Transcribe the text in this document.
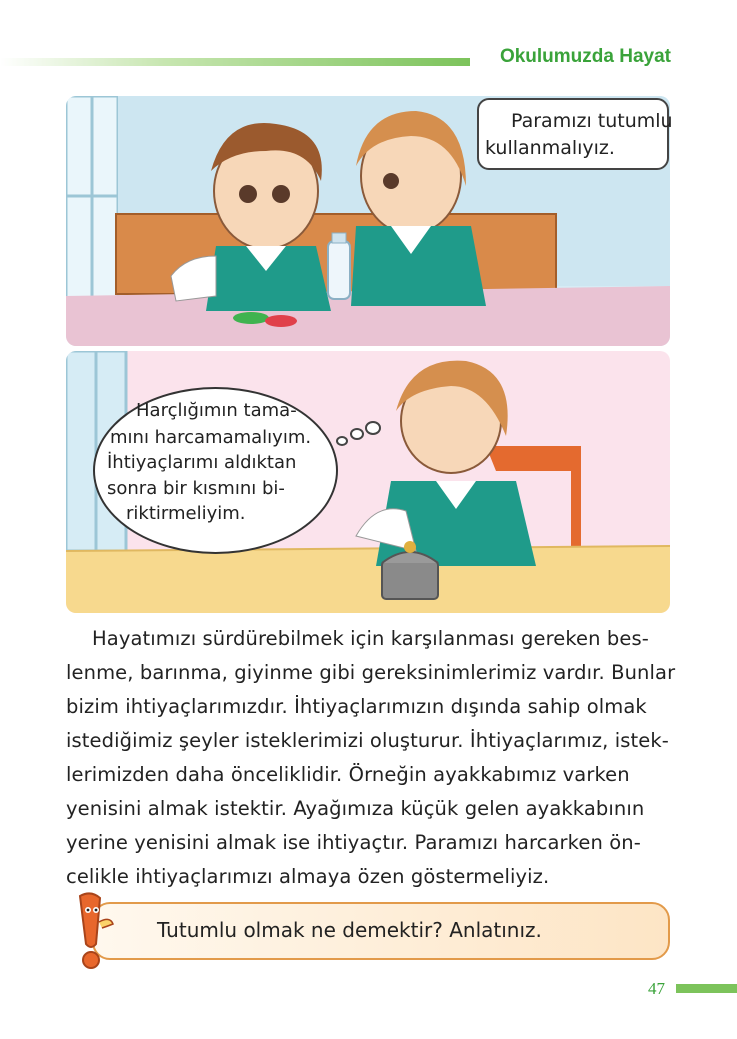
Okulumuzda Hayat
Paramızı tutumlu
kullanmalıyız.
Harçlığımın tama-
mını harcamamalıyım.
İhtiyaçlarımı aldıktan
sonra bir kısmını bi-
riktirmeliyim.
Hayatımızı sürdürebilmek için karşılanması gereken bes-
lenme, barınma, giyinme gibi gereksinimlerimiz vardır. Bunlar
bizim ihtiyaçlarımızdır. İhtiyaçlarımızın dışında sahip olmak
istediğimiz şeyler isteklerimizi oluşturur. İhtiyaçlarımız, istek-
lerimizden daha önceliklidir. Örneğin ayakkabımız varken
yenisini almak istektir. Ayağımıza küçük gelen ayakkabının
yerine yenisini almak ise ihtiyaçtır. Paramızı harcarken ön-
celikle ihtiyaçlarımızı almaya özen göstermeliyiz.
Tutumlu olmak ne demektir? Anlatınız.
47
